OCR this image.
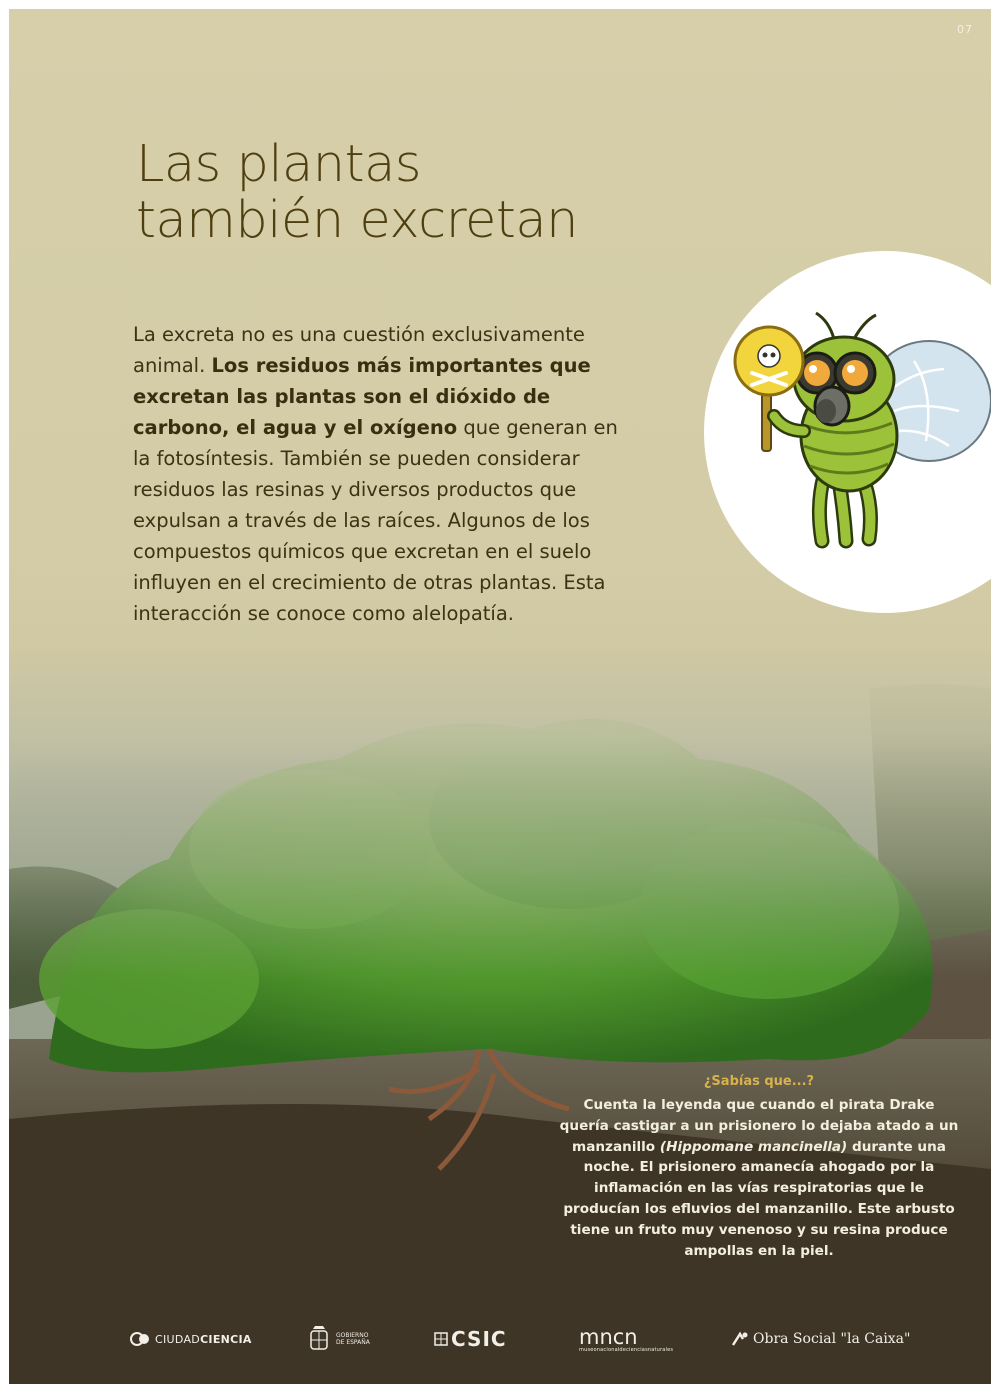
07
Las plantas
también excretan
La excreta no es una cuestión exclusivamente animal. Los residuos más importantes que excretan las plantas son el dióxido de carbono, el agua y el oxígeno que generan en la fotosíntesis. También se pueden considerar residuos las resinas y diversos productos que expulsan a través de las raíces. Algunos de los compuestos químicos que excretan en el suelo influyen en el crecimiento de otras plantas. Esta interacción se conoce como alelopatía.
¿Sabías que...?
Cuenta la leyenda que cuando el pirata Drake quería castigar a un prisionero lo dejaba atado a un manzanillo (Hippomane mancinella) durante una noche. El prisionero amanecía ahogado por la inflamación en las vías respiratorias que le producían los efluvios del manzanillo. Este arbusto tiene un fruto muy venenoso y su resina produce ampollas en la piel.
CIUDAD CIENCIA	GOBIERNO
DE ESPAÑA	CSIC	mncn
museonacionaldecienciasnaturales
Obra Social "la Caixa"
